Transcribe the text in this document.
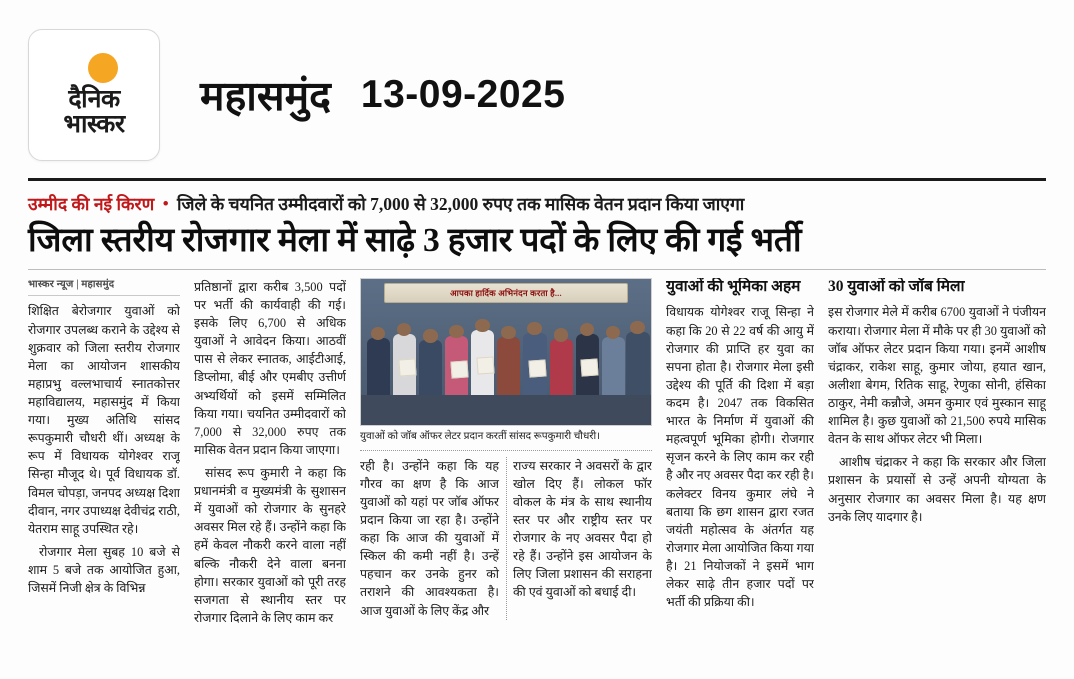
दैनिक
भास्कर
महासमुंद 13-09-2025
उम्मीद की नई किरण • जिले के चयनित उम्मीदवारों को 7,000 से 32,000 रुपए तक मासिक वेतन प्रदान किया जाएगा
जिला स्तरीय रोजगार मेला में साढ़े 3 हजार पदों के लिए की गई भर्ती
भास्कर न्यूज | महासमुंद

शिक्षित बेरोजगार युवाओं को रोजगार उपलब्ध कराने के उद्देश्य से शुक्रवार को जिला स्तरीय रोजगार मेला का आयोजन शासकीय महाप्रभु वल्लभाचार्य स्नातकोत्तर महाविद्यालय, महासमुंद में किया गया। मुख्य अतिथि सांसद रूपकुमारी चौधरी थीं। अध्यक्ष के रूप में विधायक योगेश्वर राजू सिन्हा मौजूद थे। पूर्व विधायक डॉ. विमल चोपड़ा, जनपद अध्यक्ष दिशा दीवान, नगर उपाध्यक्ष देवीचंद्र राठी, येतराम साहू उपस्थित रहे।

रोजगार मेला सुबह 10 बजे से शाम 5 बजे तक आयोजित हुआ, जिसमें निजी क्षेत्र के विभिन्न

प्रतिष्ठानों द्वारा करीब 3,500 पदों पर भर्ती की कार्यवाही की गई। इसके लिए 6,700 से अधिक युवाओं ने आवेदन किया। आठवीं पास से लेकर स्नातक, आईटीआई, डिप्लोमा, बीई और एमबीए उत्तीर्ण अभ्यर्थियों को इसमें सम्मिलित किया गया। चयनित उम्मीदवारों को 7,000 से 32,000 रुपए तक मासिक वेतन प्रदान किया जाएगा।

सांसद रूप कुमारी ने कहा कि प्रधानमंत्री व मुख्यमंत्री के सुशासन में युवाओं को रोजगार के सुनहरे अवसर मिल रहे हैं। उन्होंने कहा कि हमें केवल नौकरी करने वाला नहीं बल्कि नौकरी देने वाला बनना होगा। सरकार युवाओं को पूरी तरह सजगता से स्थानीय स्तर पर रोजगार दिलाने के लिए काम कर

आपका हार्दिक अभिनंदन करता है...
युवाओं को जॉब ऑफर लेटर प्रदान करतीं सांसद रूपकुमारी चौधरी।

रही है। उन्होंने कहा कि यह गौरव का क्षण है कि आज युवाओं को यहां पर जॉब ऑफर प्रदान किया जा रहा है। उन्होंने कहा कि आज की युवाओं में स्किल की कमी नहीं है। उन्हें पहचान कर उनके हुनर को तराशने की आवश्यकता है। आज युवाओं के लिए केंद्र और

राज्य सरकार ने अवसरों के द्वार खोल दिए हैं। लोकल फॉर वोकल के मंत्र के साथ स्थानीय स्तर पर और राष्ट्रीय स्तर पर रोजगार के नए अवसर पैदा हो रहे हैं। उन्होंने इस आयोजन के लिए जिला प्रशासन की सराहना की एवं युवाओं को बधाई दी।

युवाओं की भूमिका अहम

विधायक योगेश्वर राजू सिन्हा ने कहा कि 20 से 22 वर्ष की आयु में रोजगार की प्राप्ति हर युवा का सपना होता है। रोजगार मेला इसी उद्देश्य की पूर्ति की दिशा में बड़ा कदम है। 2047 तक विकसित भारत के निर्माण में युवाओं की महत्वपूर्ण भूमिका होगी। रोजगार सृजन करने के लिए काम कर रही है और नए अवसर पैदा कर रही है। कलेक्टर विनय कुमार लंघे ने बताया कि छग शासन द्वारा रजत जयंती महोत्सव के अंतर्गत यह रोजगार मेला आयोजित किया गया है। 21 नियोजकों ने इसमें भाग लेकर साढ़े तीन हजार पदों पर भर्ती की प्रक्रिया की।

30 युवाओं को जॉब मिला

इस रोजगार मेले में करीब 6700 युवाओं ने पंजीयन कराया। रोजगार मेला में मौके पर ही 30 युवाओं को जॉब ऑफर लेटर प्रदान किया गया। इनमें आशीष चंद्राकर, राकेश साहू, कुमार जोया, हयात खान, अलीशा बेगम, रितिक साहू, रेणुका सोनी, हंसिका ठाकुर, नेमी कन्नौजे, अमन कुमार एवं मुस्कान साहू शामिल है। कुछ युवाओं को 21,500 रुपये मासिक वेतन के साथ ऑफर लेटर भी मिला।

आशीष चंद्राकर ने कहा कि सरकार और जिला प्रशासन के प्रयासों से उन्हें अपनी योग्यता के अनुसार रोजगार का अवसर मिला है। यह क्षण उनके लिए यादगार है।
